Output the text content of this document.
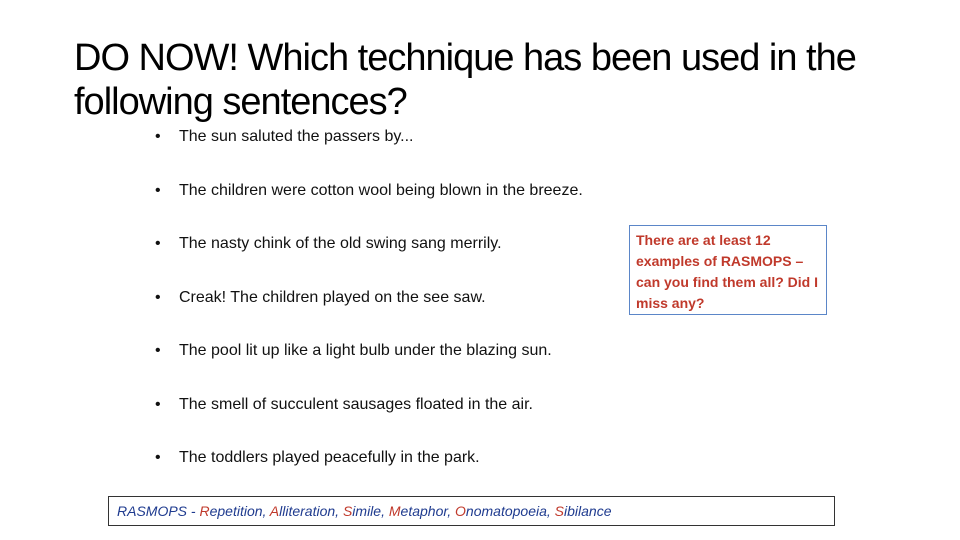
DO NOW! Which technique has been used in the following sentences?
• The sun saluted the passers by...
• The children were cotton wool being blown in the breeze.
• The nasty chink of the old swing sang merrily.
• Creak! The children played on the see saw.
• The pool lit up like a light bulb under the blazing sun.
• The smell of succulent sausages floated in the air.
• The toddlers played peacefully in the park.
There are at least 12 examples of RASMOPS – can you find them all? Did I miss any?
RASMOPS - Repetition, Alliteration, Simile, Metaphor, Onomatopoeia, Sibilance
